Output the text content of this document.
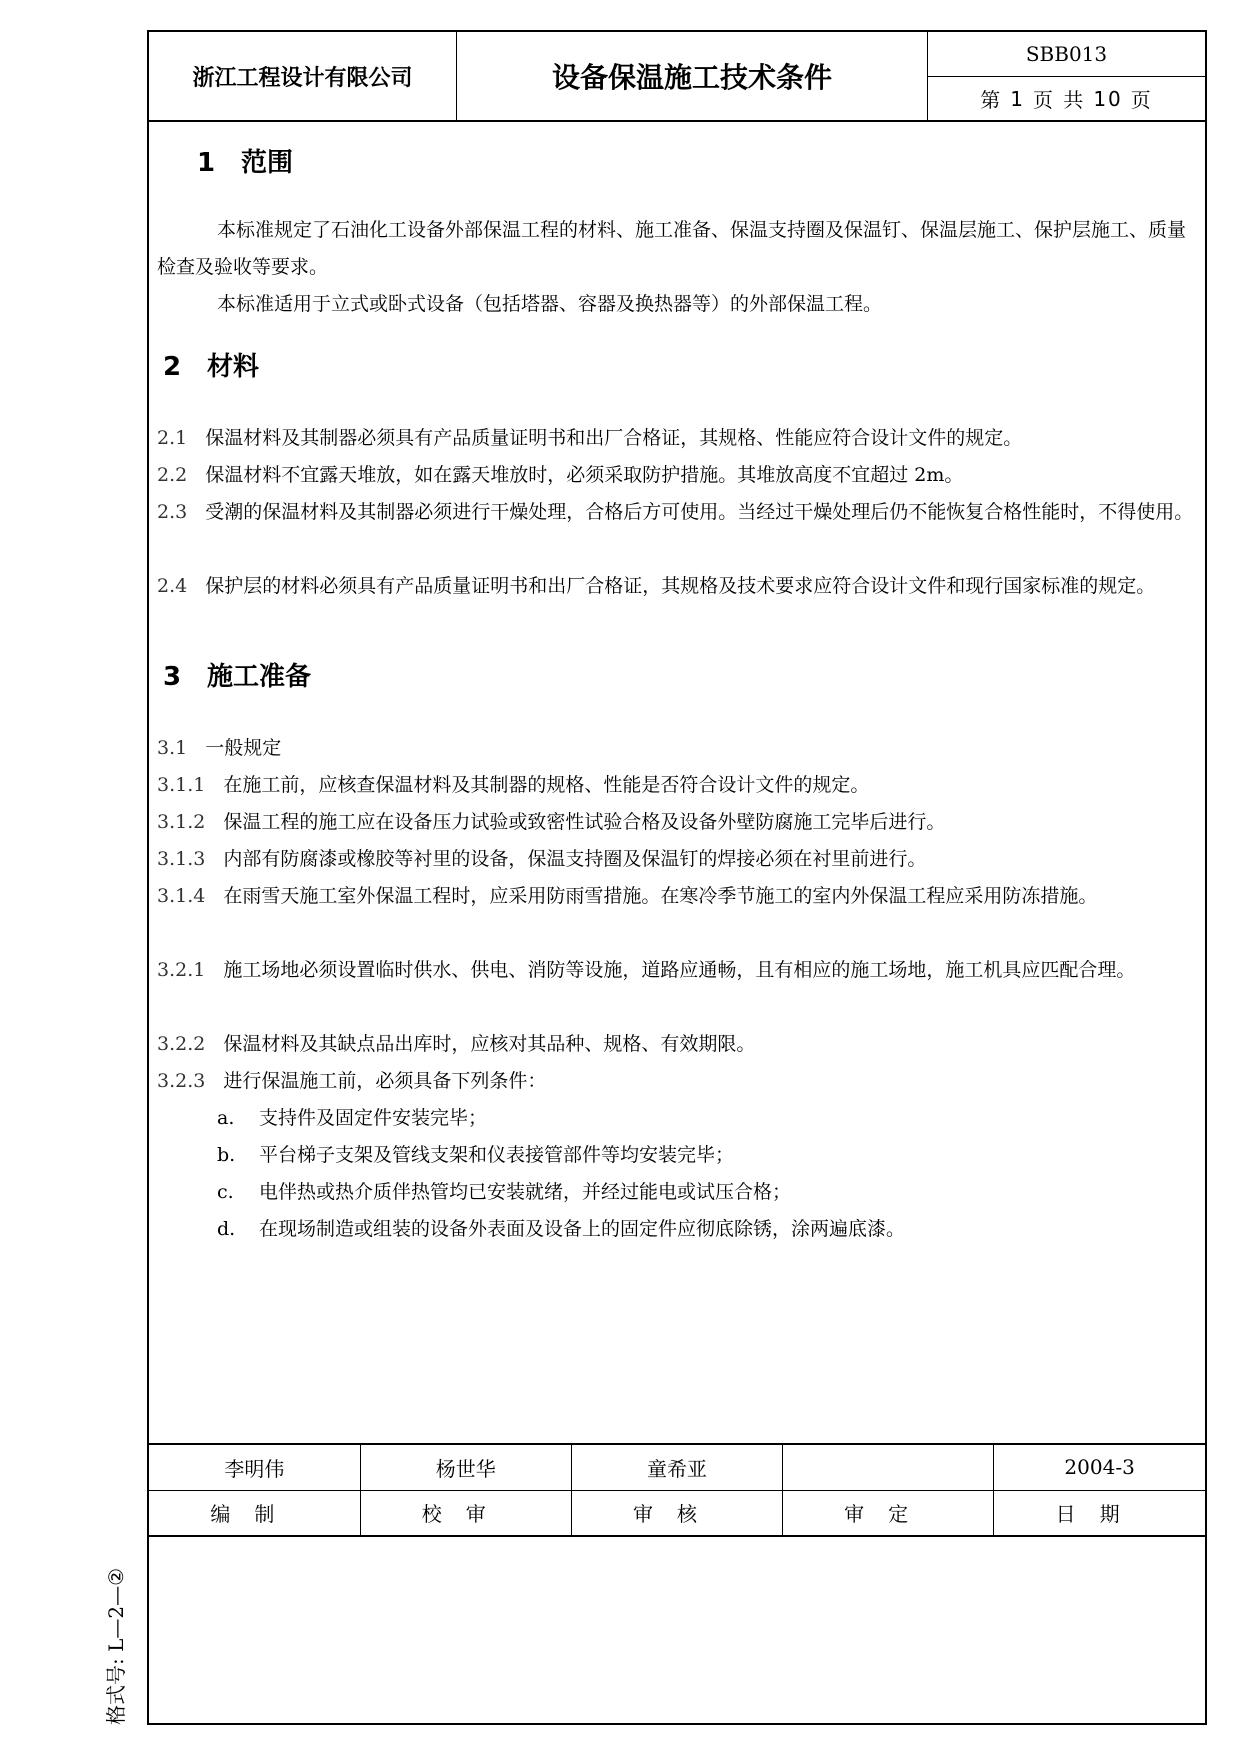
格式号: L—2—②
浙江工程设计有限公司	设备保温施工技术条件
SBB013
第 1 页 共 10 页
1 范围

本标准规定了石油化工设备外部保温工程的材料、施工准备、保温支持圈及保温钉、保温层施工、保护层施工、质量检查及验收等要求。

本标准适用于立式或卧式设备（包括塔器、容器及换热器等）的外部保温工程。

2 材料

2.1 保温材料及其制器必须具有产品质量证明书和出厂合格证，其规格、性能应符合设计文件的规定。

2.2 保温材料不宜露天堆放，如在露天堆放时，必须采取防护措施。其堆放高度不宜超过 2m。

2.3 受潮的保温材料及其制器必须进行干燥处理，合格后方可使用。当经过干燥处理后仍不能恢复合格性能时，不得使用。

2.4 保护层的材料必须具有产品质量证明书和出厂合格证，其规格及技术要求应符合设计文件和现行国家标准的规定。

3 施工准备

3.1 一般规定

3.1.1 在施工前，应核查保温材料及其制器的规格、性能是否符合设计文件的规定。

3.1.2 保温工程的施工应在设备压力试验或致密性试验合格及设备外壁防腐施工完毕后进行。

3.1.3 内部有防腐漆或橡胶等衬里的设备，保温支持圈及保温钉的焊接必须在衬里前进行。

3.1.4 在雨雪天施工室外保温工程时，应采用防雨雪措施。在寒冷季节施工的室内外保温工程应采用防冻措施。

3.2.1 施工场地必须设置临时供水、供电、消防等设施，道路应通畅，且有相应的施工场地，施工机具应匹配合理。

3.2.2 保温材料及其缺点品出库时，应核对其品种、规格、有效期限。

3.2.3 进行保温施工前，必须具备下列条件：

a. 支持件及固定件安装完毕；
b. 平台梯子支架及管线支架和仪表接管部件等均安装完毕；
c. 电伴热或热介质伴热管均已安装就绪，并经过能电或试压合格；
d. 在现场制造或组装的设备外表面及设备上的固定件应彻底除锈，涂两遍底漆。
李明伟	杨世华	童希亚		2004-3
编制	校审	审核	审定	日期
